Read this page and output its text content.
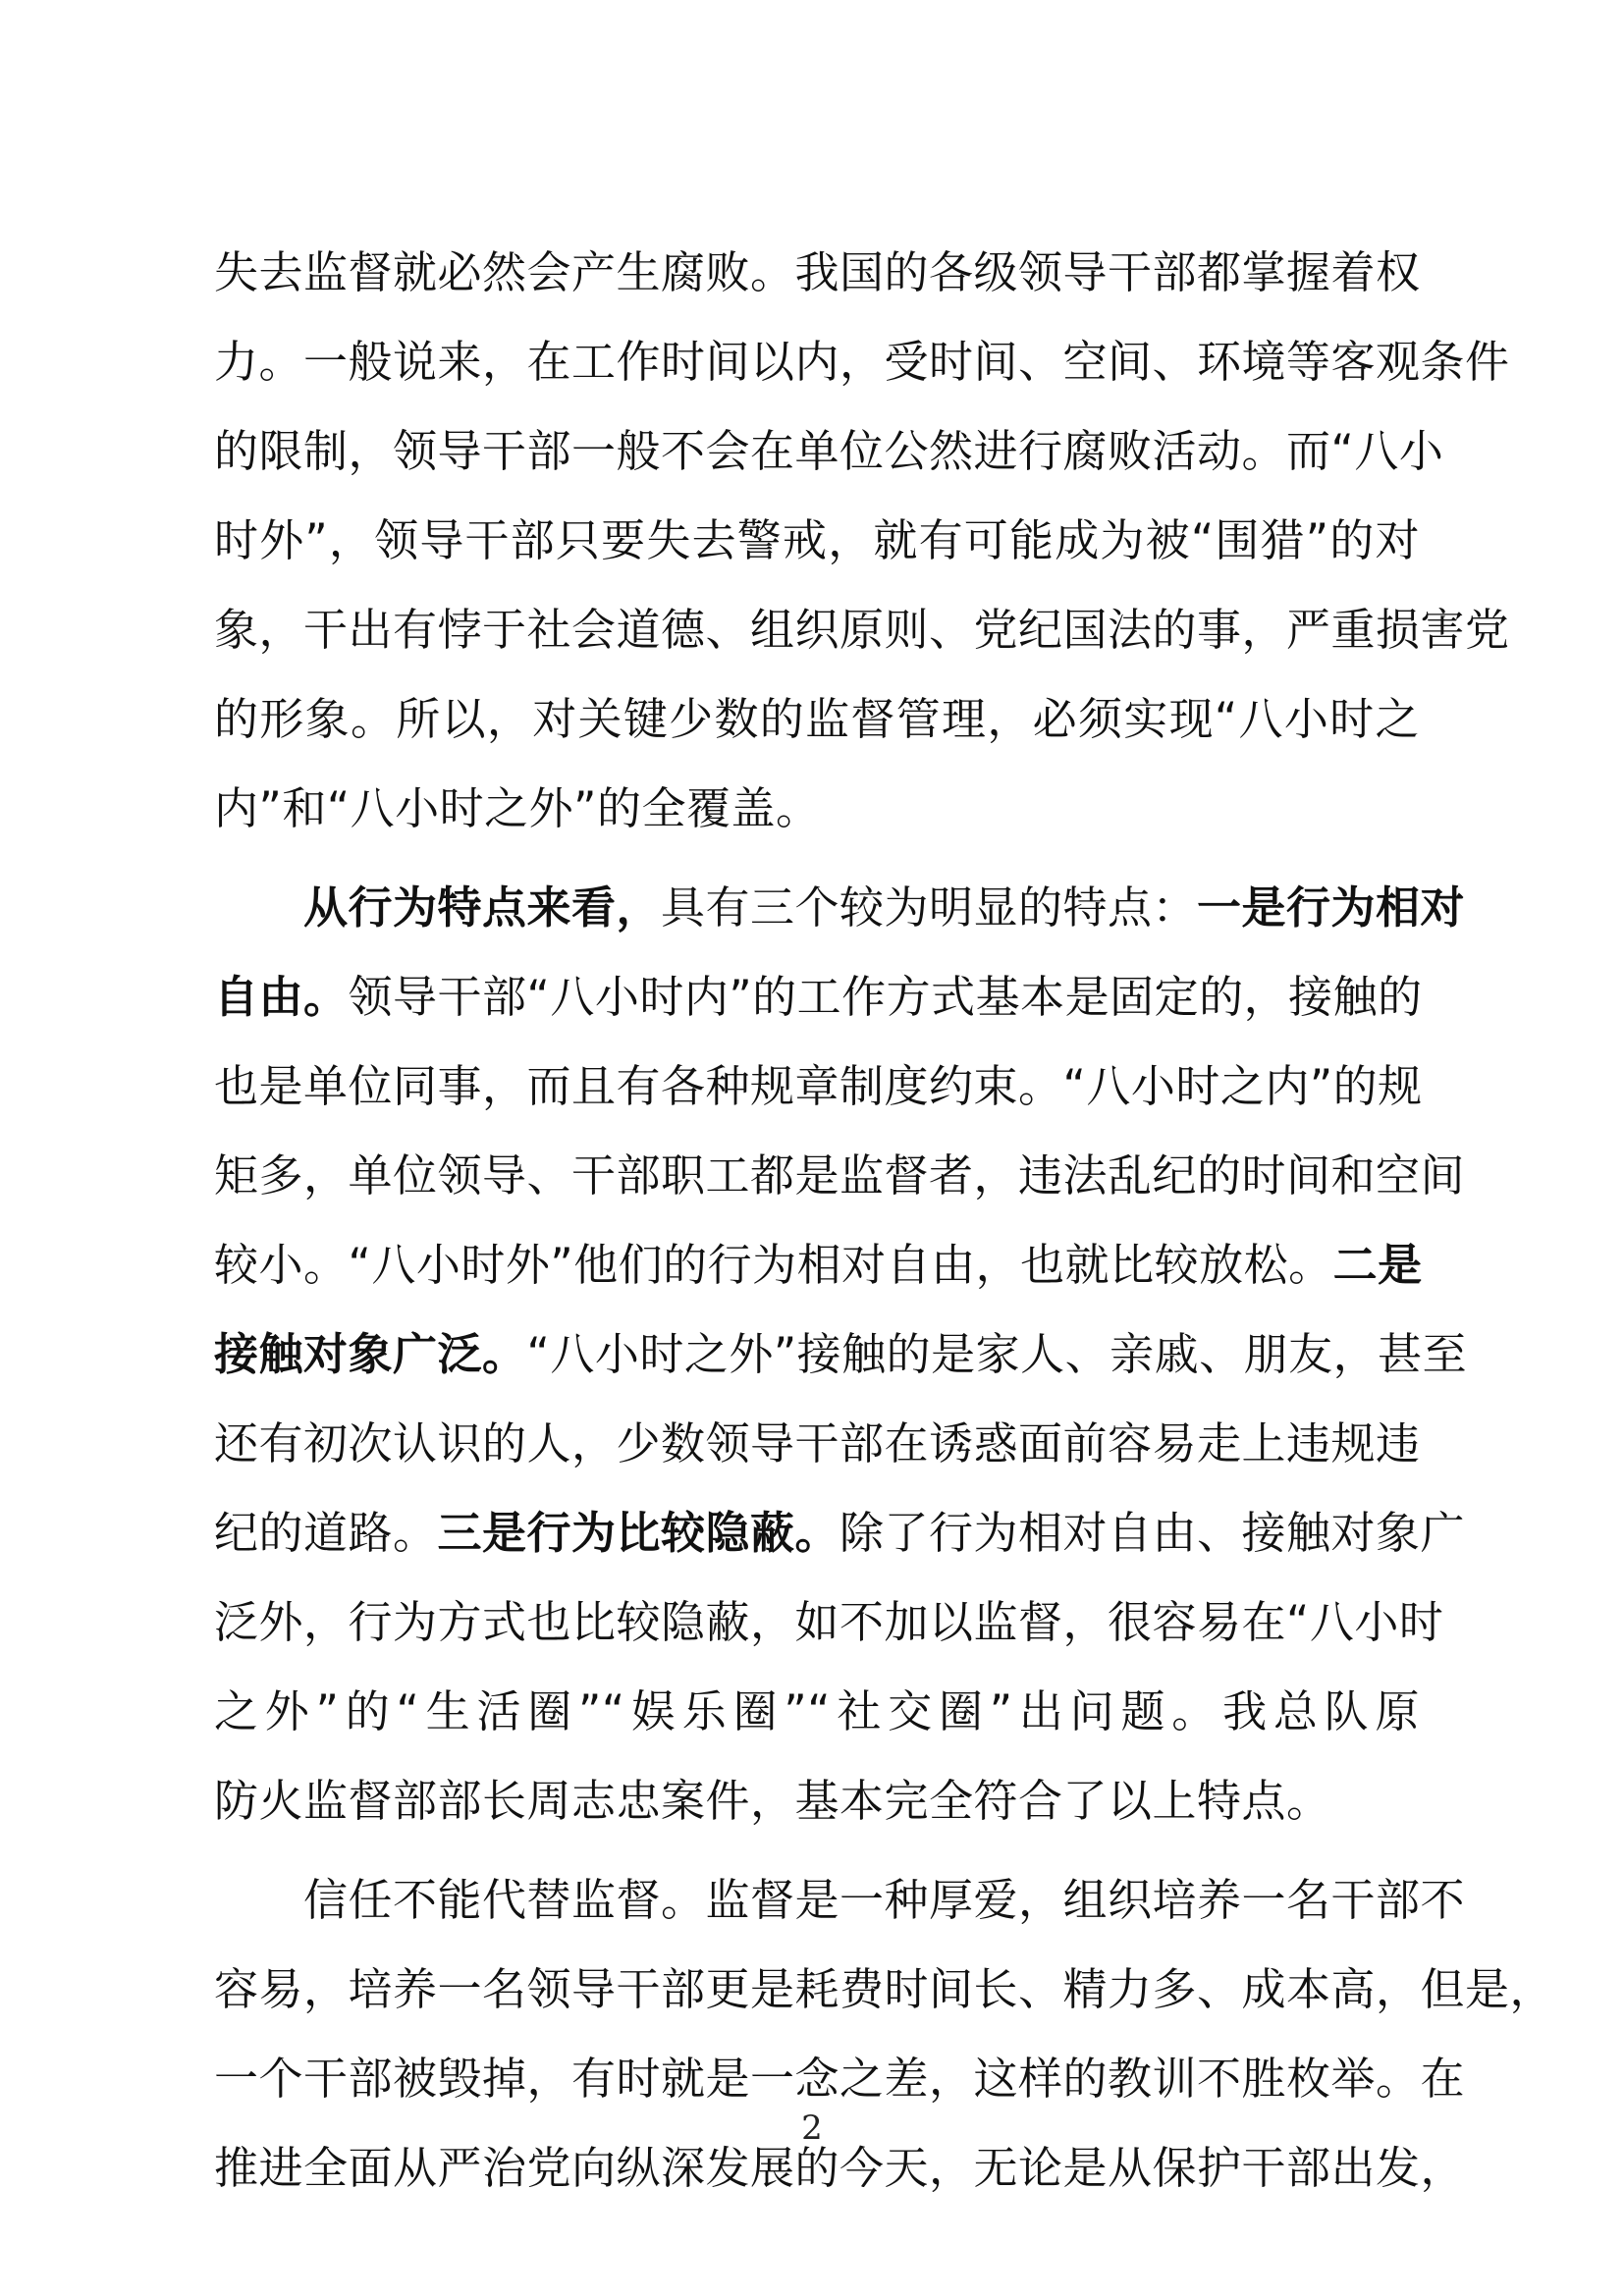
失去监督就必然会产生腐败。我国的各级领导干部都掌握着权
力。一般说来，在工作时间以内，受时间、空间、环境等客观条件
的限制，领导干部一般不会在单位公然进行腐败活动。而“八小
时外”，领导干部只要失去警戒，就有可能成为被“围猎”的对
象，干出有悖于社会道德、组织原则、党纪国法的事，严重损害党
的形象。所以，对关键少数的监督管理，必须实现“八小时之
内”和“八小时之外”的全覆盖。
从行为特点来看，具有三个较为明显的特点：一是行为相对
自由。领导干部“八小时内”的工作方式基本是固定的，接触的
也是单位同事，而且有各种规章制度约束。“八小时之内”的规
矩多，单位领导、干部职工都是监督者，违法乱纪的时间和空间
较小。“八小时外”他们的行为相对自由，也就比较放松。二是
接触对象广泛。“八小时之外”接触的是家人、亲戚、朋友，甚至
还有初次认识的人，少数领导干部在诱惑面前容易走上违规违
纪的道路。三是行为比较隐蔽。除了行为相对自由、接触对象广
泛外，行为方式也比较隐蔽，如不加以监督，很容易在“八小时
之外”的“生活圈”“娱乐圈”“社交圈”出问题。我总队原
防火监督部部长周志忠案件，基本完全符合了以上特点。
信任不能代替监督。监督是一种厚爱，组织培养一名干部不
容易，培养一名领导干部更是耗费时间长、精力多、成本高，但是，
一个干部被毁掉，有时就是一念之差，这样的教训不胜枚举。在
推进全面从严治党向纵深发展的今天，无论是从保护干部出发，
2
